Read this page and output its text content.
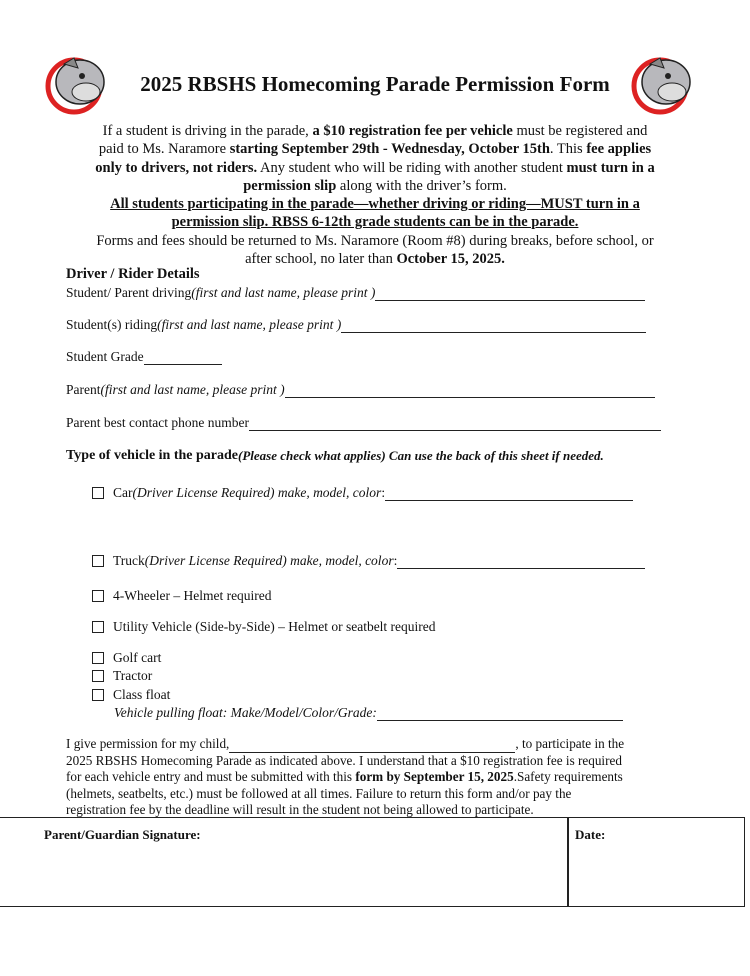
2025 RBSHS Homecoming Parade Permission Form
If a student is driving in the parade, a $10 registration fee per vehicle must be registered and
paid to Ms. Naramore starting September 29th - Wednesday, October 15th. This fee applies
only to drivers, not riders. Any student who will be riding with another student must turn in a
permission slip along with the driver’s form.
All students participating in the parade—whether driving or riding—MUST turn in a
permission slip. RBSS 6-12th grade students can be in the parade.
Forms and fees should be returned to Ms. Naramore (Room #8) during breaks, before school, or
after school, no later than October 15, 2025.
Driver / Rider Details
Student/ Parent driving (first and last name, please print )
Student(s) riding (first and last name, please print )
Student Grade
Parent (first and last name, please print )
Parent best contact phone number
Type of vehicle in the parade (Please check what applies) Can use the back of this sheet if needed.
Car (Driver License Required) make, model, color :
Truck (Driver License Required) make, model, color :
4-Wheeler – Helmet required
Utility Vehicle (Side-by-Side) – Helmet or seatbelt required
Golf cart
Tractor
Class float
Vehicle pulling float: Make/Model/Color/Grade:
I give permission for my child,	, to participate in the
2025 RBSHS Homecoming Parade as indicated above. I understand that a $10 registration fee is required
for each vehicle entry and must be submitted with this form by September 15, 2025.Safety requirements
(helmets, seatbelts, etc.) must be followed at all times. Failure to return this form and/or pay the
registration fee by the deadline will result in the student not being allowed to participate.
Parent/Guardian Signature:	Date:
